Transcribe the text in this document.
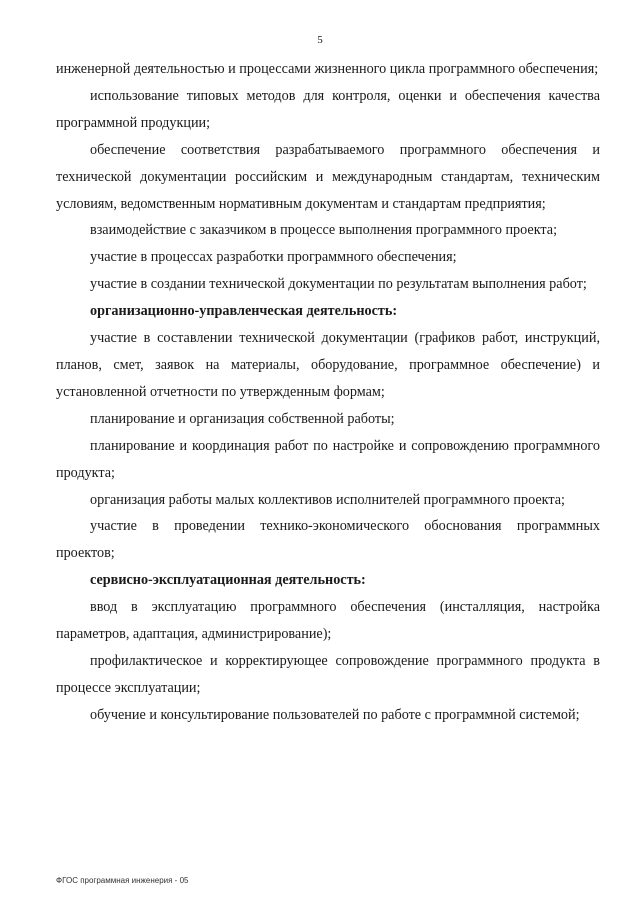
5

инженерной деятельностью и процессами жизненного цикла программного обеспечения;

использование типовых методов для контроля, оценки и обеспечения качества программной продукции;

обеспечение соответствия разрабатываемого программного обеспечения и технической документации российским и международным стандартам, техническим условиям, ведомственным нормативным документам и стандартам предприятия;

взаимодействие с заказчиком в процессе выполнения программного проекта;

участие в процессах разработки программного обеспечения;

участие в создании технической документации по результатам выполнения работ;

организационно-управленческая деятельность:

участие в составлении технической документации (графиков работ, инструкций, планов, смет, заявок на материалы, оборудование, программное обеспечение) и установленной отчетности по утвержденным формам;

планирование и организация собственной работы;

планирование и координация работ по настройке и сопровождению программного продукта;

организация работы малых коллективов исполнителей программного проекта;

участие в проведении технико-экономического обоснования программных проектов;

сервисно-эксплуатационная деятельность:

ввод в эксплуатацию программного обеспечения (инсталляция, настройка параметров, адаптация, администрирование);

профилактическое и корректирующее сопровождение программного продукта в процессе эксплуатации;

обучение и консультирование пользователей по работе с программной системой;

ФГОС программная инженерия - 05
